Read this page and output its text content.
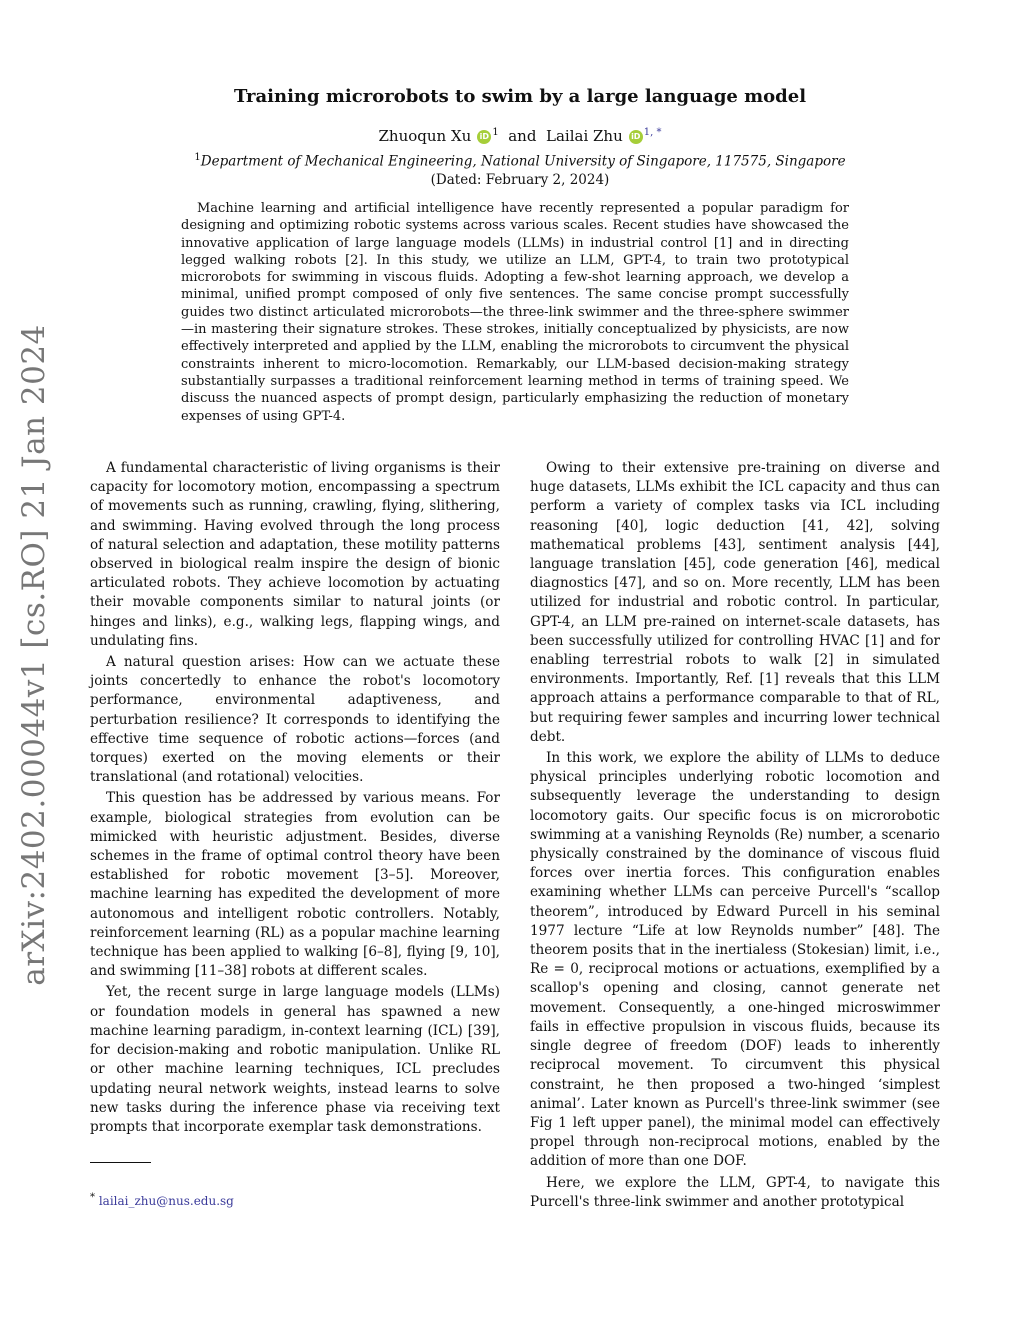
arXiv:2402.00044v1 [cs.RO] 21 Jan 2024
Training microrobots to swim by a large language model
Zhuoqun Xu iD $^1$ and Lailai Zhu iD $^{1, *}$
$^1$Department of Mechanical Engineering, National University of Singapore, 117575, Singapore
(Dated: February 2, 2024)

Machine learning and artificial intelligence have recently represented a popular paradigm for designing and optimizing robotic systems across various scales. Recent studies have showcased the innovative application of large language models (LLMs) in industrial control [1] and in directing legged walking robots [2]. In this study, we utilize an LLM, GPT-4, to train two prototypical microrobots for swimming in viscous fluids. Adopting a few-shot learning approach, we develop a minimal, unified prompt composed of only five sentences. The same concise prompt successfully guides two distinct articulated microrobots—the three-link swimmer and the three-sphere swimmer—in mastering their signature strokes. These strokes, initially conceptualized by physicists, are now effectively interpreted and applied by the LLM, enabling the microrobots to circumvent the physical constraints inherent to micro-locomotion. Remarkably, our LLM-based decision-making strategy substantially surpasses a traditional reinforcement learning method in terms of training speed. We discuss the nuanced aspects of prompt design, particularly emphasizing the reduction of monetary expenses of using GPT-4.

A fundamental characteristic of living organisms is their capacity for locomotory motion, encompassing a spectrum of movements such as running, crawling, flying, slithering, and swimming. Having evolved through the long process of natural selection and adaptation, these motility patterns observed in biological realm inspire the design of bionic articulated robots. They achieve locomotion by actuating their movable components similar to natural joints (or hinges and links), e.g., walking legs, flapping wings, and undulating fins.

A natural question arises: How can we actuate these joints concertedly to enhance the robot's locomotory performance, environmental adaptiveness, and perturbation resilience? It corresponds to identifying the effective time sequence of robotic actions—forces (and torques) exerted on the moving elements or their translational (and rotational) velocities.

This question has be addressed by various means. For example, biological strategies from evolution can be mimicked with heuristic adjustment. Besides, diverse schemes in the frame of optimal control theory have been established for robotic movement [3–5]. Moreover, machine learning has expedited the development of more autonomous and intelligent robotic controllers. Notably, reinforcement learning (RL) as a popular machine learning technique has been applied to walking [6–8], flying [9, 10], and swimming [11–38] robots at different scales.

Yet, the recent surge in large language models (LLMs) or foundation models in general has spawned a new machine learning paradigm, in-context learning (ICL) [39], for decision-making and robotic manipulation. Unlike RL or other machine learning techniques, ICL precludes updating neural network weights, instead learns to solve new tasks during the inference phase via receiving text prompts that incorporate exemplar task demonstrations.

Owing to their extensive pre-training on diverse and huge datasets, LLMs exhibit the ICL capacity and thus can perform a variety of complex tasks via ICL including reasoning [40], logic deduction [41, 42], solving mathematical problems [43], sentiment analysis [44], language translation [45], code generation [46], medical diagnostics [47], and so on. More recently, LLM has been utilized for industrial and robotic control. In particular, GPT-4, an LLM pre-rained on internet-scale datasets, has been successfully utilized for controlling HVAC [1] and for enabling terrestrial robots to walk [2] in simulated environments. Importantly, Ref. [1] reveals that this LLM approach attains a performance comparable to that of RL, but requiring fewer samples and incurring lower technical debt.

In this work, we explore the ability of LLMs to deduce physical principles underlying robotic locomotion and subsequently leverage the understanding to design locomotory gaits. Our specific focus is on microrobotic swimming at a vanishing Reynolds (Re) number, a scenario physically constrained by the dominance of viscous fluid forces over inertia forces. This configuration enables examining whether LLMs can perceive Purcell's “scallop theorem”, introduced by Edward Purcell in his seminal 1977 lecture “Life at low Reynolds number” [48]. The theorem posits that in the inertialess (Stokesian) limit, i.e., Re = 0, reciprocal motions or actuations, exemplified by a scallop's opening and closing, cannot generate net movement. Consequently, a one-hinged microswimmer fails in effective propulsion in viscous fluids, because its single degree of freedom (DOF) leads to inherently reciprocal movement. To circumvent this physical constraint, he then proposed a two-hinged ‘simplest animal’. Later known as Purcell's three-link swimmer (see Fig 1 left upper panel), the minimal model can effectively propel through non-reciprocal motions, enabled by the addition of more than one DOF.

Here, we explore the LLM, GPT-4, to navigate this Purcell's three-link swimmer and another prototypical

* lailai_zhu@nus.edu.sg
